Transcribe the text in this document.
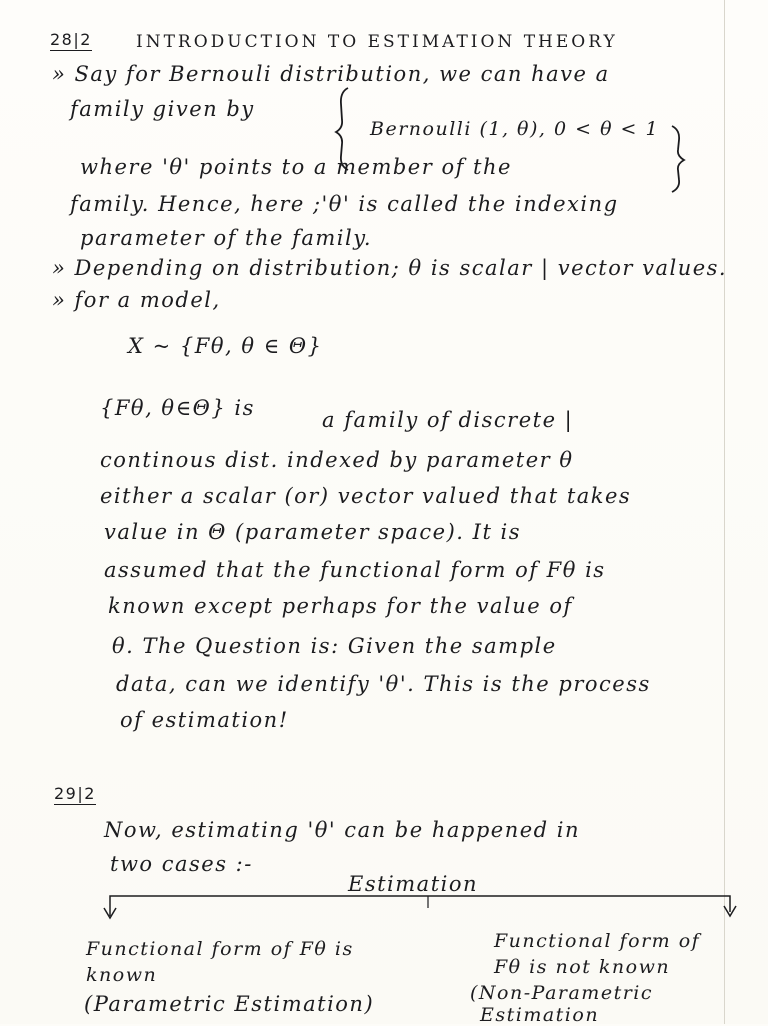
28|2	INTRODUCTION TO ESTIMATION THEORY
» Say for Bernouli distribution, we can have a
family given by
Bernoulli (1, θ), 0 < θ < 1
where 'θ' points to a member of the
family. Hence, here ;'θ' is called the indexing
parameter of the family.
» Depending on distribution; θ is scalar | vector values.
» for a model,
X ~ {Fθ, θ ∈ Θ}
{Fθ, θ∈Θ} is	a family of discrete |
continous dist. indexed by parameter θ
either a scalar (or) vector valued that takes
value in Θ (parameter space). It is
assumed that the functional form of Fθ is
known except perhaps for the value of
θ. The Question is: Given the sample
data, can we identify 'θ'. This is the process
of estimation!
29|2
Now, estimating 'θ' can be happened in
two cases :-
Estimation
Functional form of Fθ is
known
(Parametric Estimation)
Functional form of
Fθ is not known
(Non-Parametric
Estimation
